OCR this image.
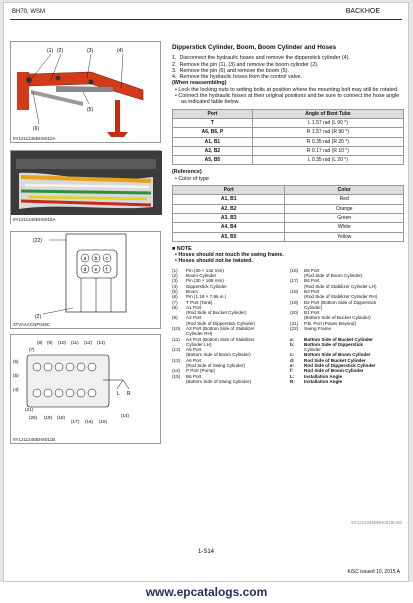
BH70, WSM	BACKHOE
(1) (2)	(3)	(4)
(5)
(6)
9Y1211245BHS010A
9Y1211245BHS016A
a b c
d e f
(22)
(2)
3TVAAACNP048C
(8) (9) (10) (11) (12) (13)
(7)
(6)
(5)
(4)
(21)
(20) (19) (18)
(17) (16) (15)
(14)
L R
9Y1211245BHS011B
Dipperstick Cylinder, Boom, Boom Cylinder and Hoses
1.  Disconnect the hydraulic hoses and remove the dipperstick cylinder (4).
2.  Remove the pin (1), (3) and remove the boom cylinder (2).
3.  Remove the pin (6) and remove the boom (5).
4.  Remove the hydraulic hoses from the control valve.
(When reassembling)
• Lock the locking nuts to setting bolts at position where the mounting bolt may still be rotated.
• Connect the hydraulic hoses at their original positions and be sure to connect the hose angle as indicated table below.
Port	Angle of Bent Tube
T	L 1.57 rad (L 90 °)
A6, B6, P	R 1.57 rad (R 90 °)
A1, B1	R 0.35 rad (R 20 °)
A2, B2	R 0.17 rad (R 10 °)
A5, B5	L 0.35 rad (L 20 °)
(Reference)
• Color of type
Port	Color
A1, B1	Red
A2, B2	Orange
A3, B3	Green
A4, B4	White
A5, B5	Yellow
■ NOTE
• Hoses should not touch the swing frame.
• Hoses should not be twisted.
(1)	Pin (30 × 142 mm)
(2)	Boom Cylinder
(3)	Pin (30 × 169 mm)
(4)	Dipperstick Cylinder
(5)	Boom
(6)	Pin (1.18 × 7.96 in.)
(7)	T Port (Tank)
(8)	A1 Port
(Rod Side of Bucket Cylinder)
(9)	A2 Port
(Rod Side of Dipperstick Cylinder)
(10)	A3 Port (Bottom Side of Stabilizer
Cylinder RH)
(11)	A4 Port (Bottom Side of Stabilizer
Cylinder LH)
(12)	A5 Port
(Bottom Side of Boom Cylinder)
(13)	A6 Port
(Rod Side of Swing Cylinder)
(14)	P Port (Pump)
(15)	B6 Port
(Bottom Side of Swing Cylinder)
(16)	B5 Port
(Rod Side of Boom Cylinder)
(17)	B4 Port
(Rod Side of Stabilizer Cylinder LH)
(18)	B3 Port
(Rod Side of Stabilizer Cylinder RH)
(19)	B2 Port (Bottom Side of Dipperstick
Cylinder)
(20)	B1 Port
(Bottom Side of Bucket Cylinder)
(21)	P.B. Port (Power Beyond)
(22)	Swing Frame
a:	Bottom Side of Bucket Cylinder
b:	Bottom Side of Dipperstick
Cylinder
c:	Bottom Side of Boom Cylinder
d:	Rod Side of Bucket Cylinder
e:	Rod Side of Dipperstick Cylinder
f:	Rod Side of Boom Cylinder
L:	Installation Angle
R:	Installation Angle
9Y1211345BBH0018US0
1-S14
KiSC issued 10, 2015 A
www.epcatalogs.com
